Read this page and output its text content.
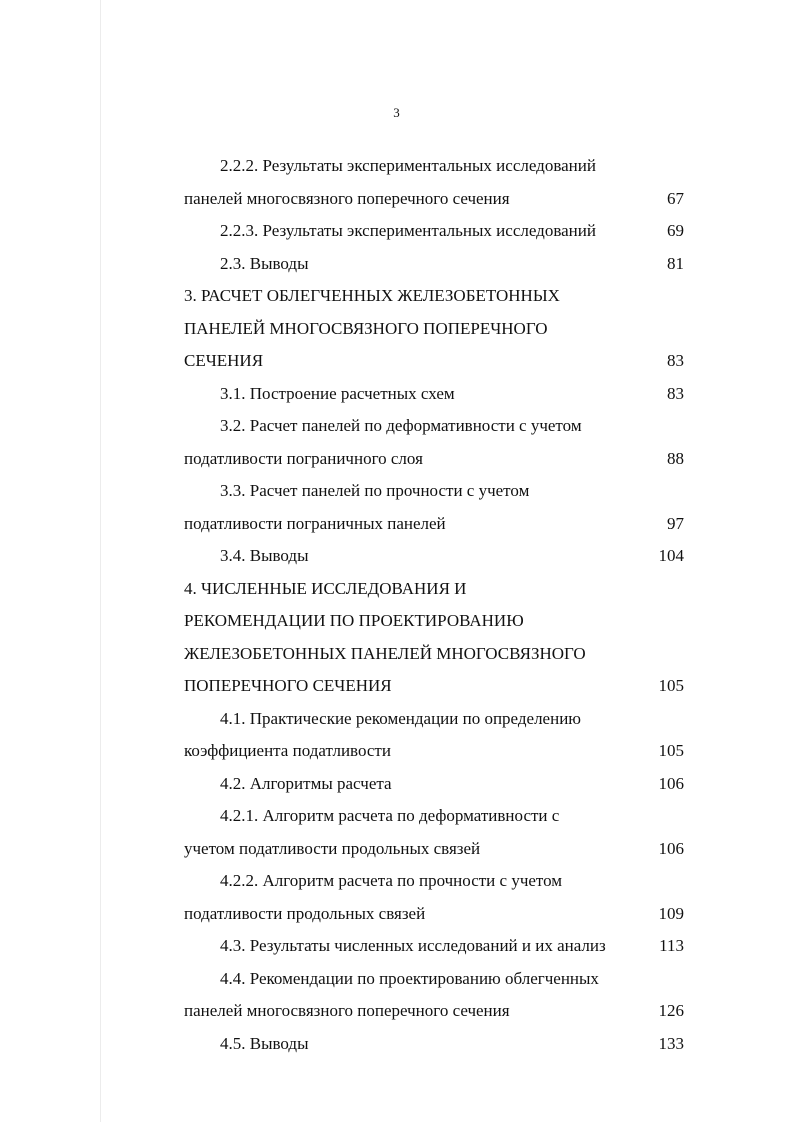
3
2.2.2. Результаты экспериментальных исследований
панелей многосвязного поперечного сечения	67
2.2.3. Результаты экспериментальных исследований	69
2.3. Выводы	81
3. РАСЧЕТ ОБЛЕГЧЕННЫХ ЖЕЛЕЗОБЕТОННЫХ
ПАНЕЛЕЙ МНОГОСВЯЗНОГО ПОПЕРЕЧНОГО
СЕЧЕНИЯ	83
3.1. Построение расчетных схем	83
3.2. Расчет панелей по деформативности с учетом
податливости пограничного слоя	88
3.3. Расчет панелей по прочности с учетом
податливости пограничных панелей	97
3.4. Выводы	104
4. ЧИСЛЕННЫЕ ИССЛЕДОВАНИЯ И
РЕКОМЕНДАЦИИ ПО ПРОЕКТИРОВАНИЮ
ЖЕЛЕЗОБЕТОННЫХ ПАНЕЛЕЙ МНОГОСВЯЗНОГО
ПОПЕРЕЧНОГО СЕЧЕНИЯ	105
4.1. Практические рекомендации по определению
коэффициента податливости	105
4.2. Алгоритмы расчета	106
4.2.1. Алгоритм расчета по деформативности с
учетом податливости продольных связей	106
4.2.2. Алгоритм расчета по прочности с учетом
податливости продольных связей	109
4.3. Результаты численных исследований и их анализ	113
4.4. Рекомендации по проектированию облегченных
панелей многосвязного поперечного сечения	126
4.5. Выводы	133
